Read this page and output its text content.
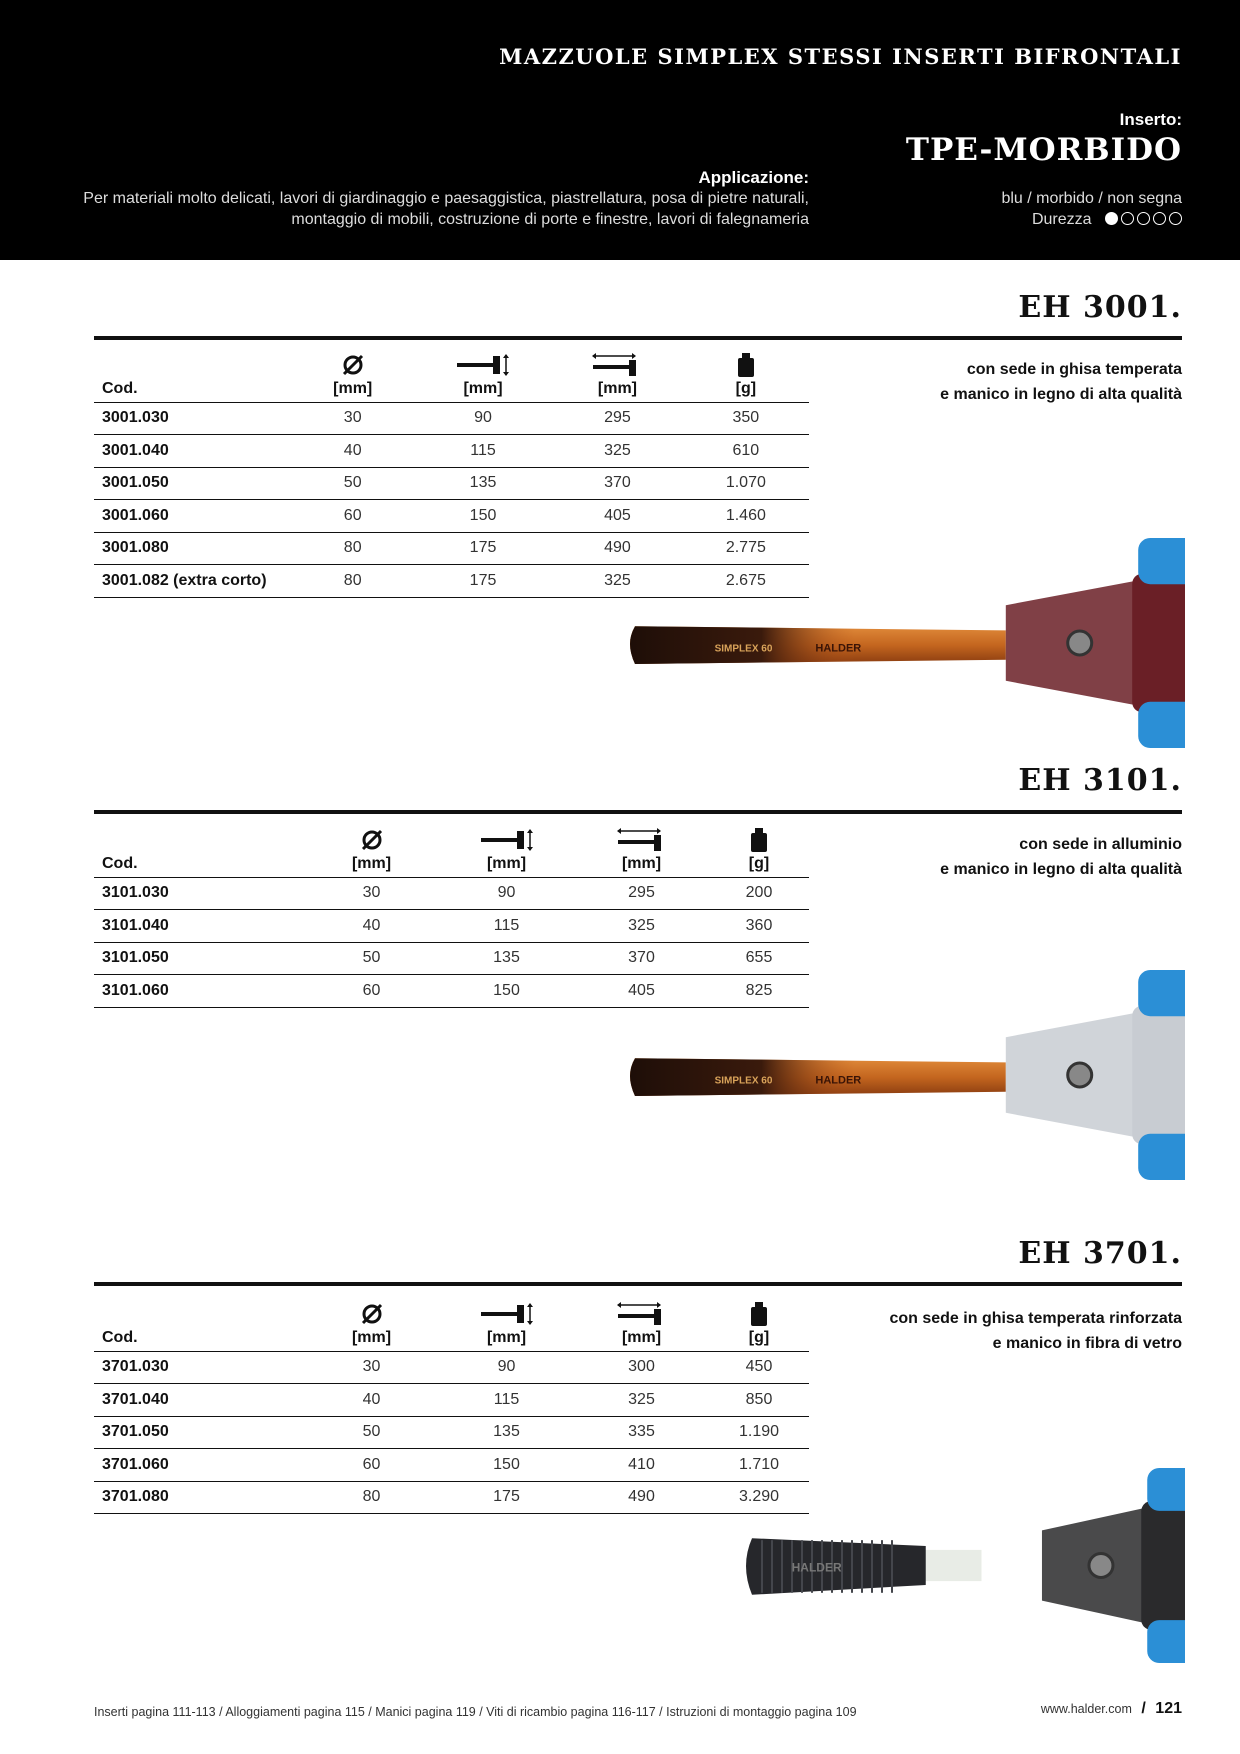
MAZZUOLE SIMPLEX STESSI INSERTI BIFRONTALI
Inserto:
TPE-MORBIDO
Applicazione:
Per materiali molto delicati, lavori di giardinaggio e paesaggistica, piastrellatura, posa di pietre naturali, montaggio di mobili, costruzione di porte e finestre, lavori di falegnameria
blu / morbido / non segna
Durezza
EH 3001.
con sede in ghisa temperata
e manico in legno di alta qualità
Cod.	[mm]	[mm]	[mm]	[g]
3001.030	30	90	295	350
3001.040	40	115	325	610
3001.050	50	135	370	1.070
3001.060	60	150	405	1.460
3001.080	80	175	490	2.775
3001.082 (extra corto)	80	175	325	2.675
SIMPLEX 60	HALDER
EH 3101.
con sede in alluminio
e manico in legno di alta qualità
Cod.	[mm]	[mm]	[mm]	[g]
3101.030	30	90	295	200
3101.040	40	115	325	360
3101.050	50	135	370	655
3101.060	60	150	405	825
SIMPLEX 60	HALDER
EH 3701.
con sede in ghisa temperata rinforzata
e manico in fibra di vetro
Cod.	[mm]	[mm]	[mm]	[g]
3701.030	30	90	300	450
3701.040	40	115	325	850
3701.050	50	135	335	1.190
3701.060	60	150	410	1.710
3701.080	80	175	490	3.290
HALDER
Inserti pagina 111-113 / Alloggiamenti pagina 115 / Manici pagina 119 / Viti di ricambio pagina 116-117 / Istruzioni di montaggio pagina 109	www.halder.com / 121
